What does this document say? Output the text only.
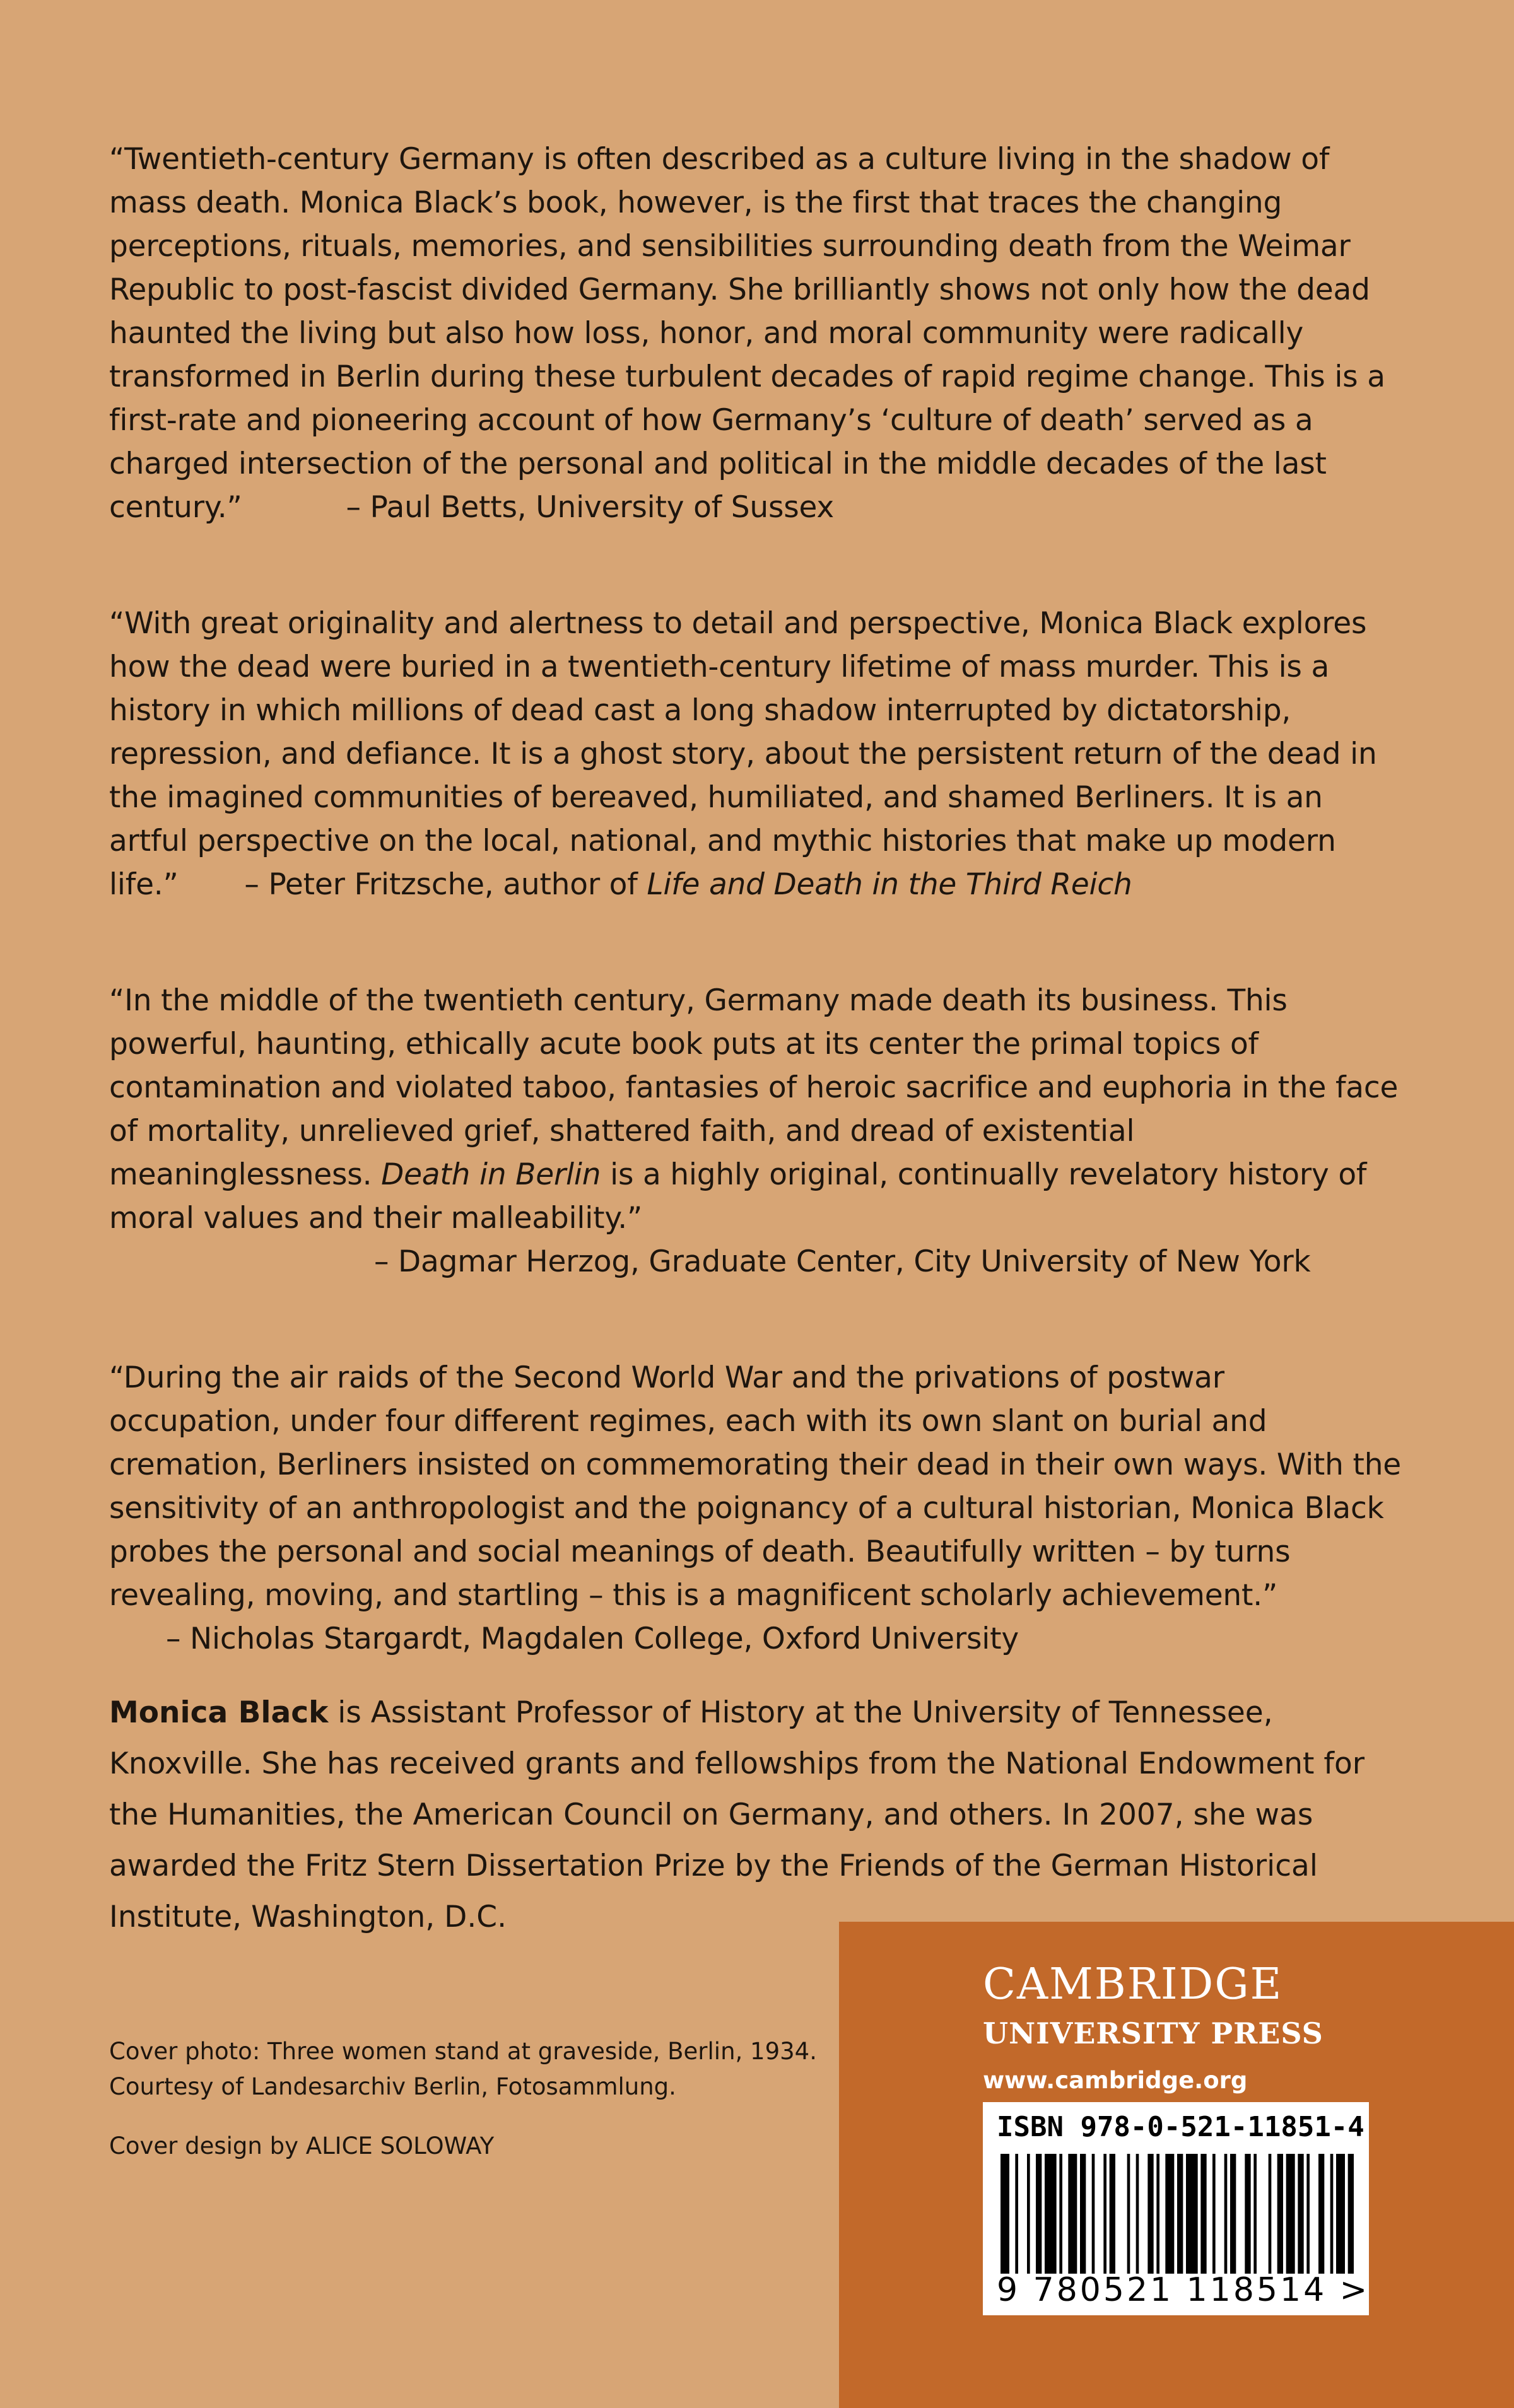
“Twentieth-century Germany is often described as a culture living in the shadow of mass death. Monica Black’s book, however, is the first that traces the changing perceptions, rituals, memories, and sensibilities surrounding death from the Weimar Republic to post-fascist divided Germany. She brilliantly shows not only how the dead haunted the living but also how loss, honor, and moral community were radically transformed in Berlin during these turbulent decades of rapid regime change. This is a first-rate and pioneering account of how Germany’s ‘culture of death’ served as a charged intersection of the personal and political in the middle decades of the last century.”	– Paul Betts, University of Sussex

“With great originality and alertness to detail and perspective, Monica Black explores how the dead were buried in a twentieth-century lifetime of mass murder. This is a history in which millions of dead cast a long shadow interrupted by dictatorship, repression, and defiance. It is a ghost story, about the persistent return of the dead in the imagined communities of bereaved, humiliated, and shamed Berliners. It is an artful perspective on the local, national, and mythic histories that make up modern life.” – Peter Fritzsche, author of Life and Death in the Third Reich

“In the middle of the twentieth century, Germany made death its business. This powerful, haunting, ethically acute book puts at its center the primal topics of contamination and violated taboo, fantasies of heroic sacrifice and euphoria in the face of mortality, unrelieved grief, shattered faith, and dread of existential meaninglessness. Death in Berlin is a highly original, continually revelatory history of moral values and their malleability.”
– Dagmar Herzog, Graduate Center, City University of New York

“During the air raids of the Second World War and the privations of postwar occupation, under four different regimes, each with its own slant on burial and cremation, Berliners insisted on commemorating their dead in their own ways. With the sensitivity of an anthropologist and the poignancy of a cultural historian, Monica Black probes the personal and social meanings of death. Beautifully written – by turns revealing, moving, and startling – this is a magnificent scholarly achievement.” – Nicholas Stargardt, Magdalen College, Oxford University

Monica Black is Assistant Professor of History at the University of Tennessee, Knoxville. She has received grants and fellowships from the National Endowment for the Humanities, the American Council on Germany, and others. In 2007, she was awarded the Fritz Stern Dissertation Prize by the Friends of the German Historical Institute, Washington, D.C.

Cover photo: Three women stand at graveside, Berlin, 1934.

Courtesy of Landesarchiv Berlin, Fotosammlung.

Cover design by ALICE SOLOWAY

CAMBRIDGE
UNIVERSITY PRESS
www.cambridge.org
ISBN 978-0-521-11851-4
9 780521 118514 >
